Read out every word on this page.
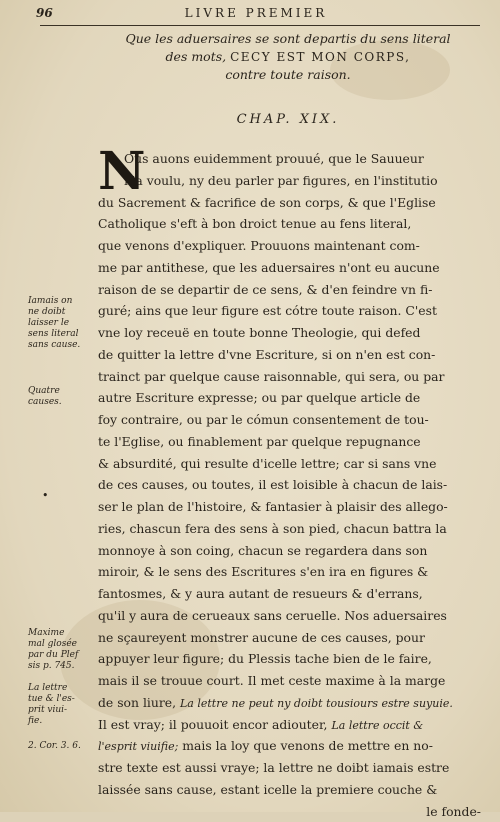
96	LIVRE PREMIER
Que les aduersaires se sont departis du sens literal
des mots, CECY EST MON CORPS,
contre toute raison.
CHAP. XIX.
N
Ous auons euidemment prouué, que le Sauueur
n'a voulu, ny deu parler par figures, en l'institutio
du Sacrement & facrifice de son corps, & que l'Eglise
Catholique s'eft à bon droict tenue au fens literal,
que venons d'expliquer. Prouuons maintenant com-
me par antithese, que les aduersaires n'ont eu aucune
raison de se departir de ce sens, & d'en feindre vn fi-
guré; ains que leur figure est cótre toute raison. C'est
vne loy receuë en toute bonne Theologie, qui defed
de quitter la lettre d'vne Escriture, si on n'en est con-
trainct par quelque cause raisonnable, qui sera, ou par
autre Escriture expresse; ou par quelque article de
foy contraire, ou par le cómun consentement de tou-
te l'Eglise, ou finablement par quelque repugnance
& absurdité, qui resulte d'icelle lettre; car si sans vne
de ces causes, ou toutes, il est loisible à chacun de lais-
ser le plan de l'histoire, & fantasier à plaisir des allego-
ries, chascun fera des sens à son pied, chacun battra la
monnoye à son coing, chacun se regardera dans son
miroir, & le sens des Escritures s'en ira en figures &
fantosmes, & y aura autant de resueurs & d'errans,
qu'il y aura de cerueaux sans ceruelle. Nos aduersaires
ne sçaureyent monstrer aucune de ces causes, pour
appuyer leur figure; du Plessis tache bien de le faire,
mais il se trouue court. Il met ceste maxime à la marge
de son liure, La lettre ne peut ny doibt tousiours estre suyuie.
Il est vray; il pouuoit encor adiouter, La lettre occit &
l'esprit viuifie; mais la loy que venons de mettre en no-
stre texte est aussi vraye; la lettre ne doibt iamais estre
laissée sans cause, estant icelle la premiere couche &
le fonde-
Iamais on
ne doibt
laisser le
sens literal
sans cause.
Quatre
causes.
Maxime
mal glosée
par du Plef
sis p. 745.
La lettre
tue & l'es-
prit viui-
fie.
2. Cor. 3. 6.
•
